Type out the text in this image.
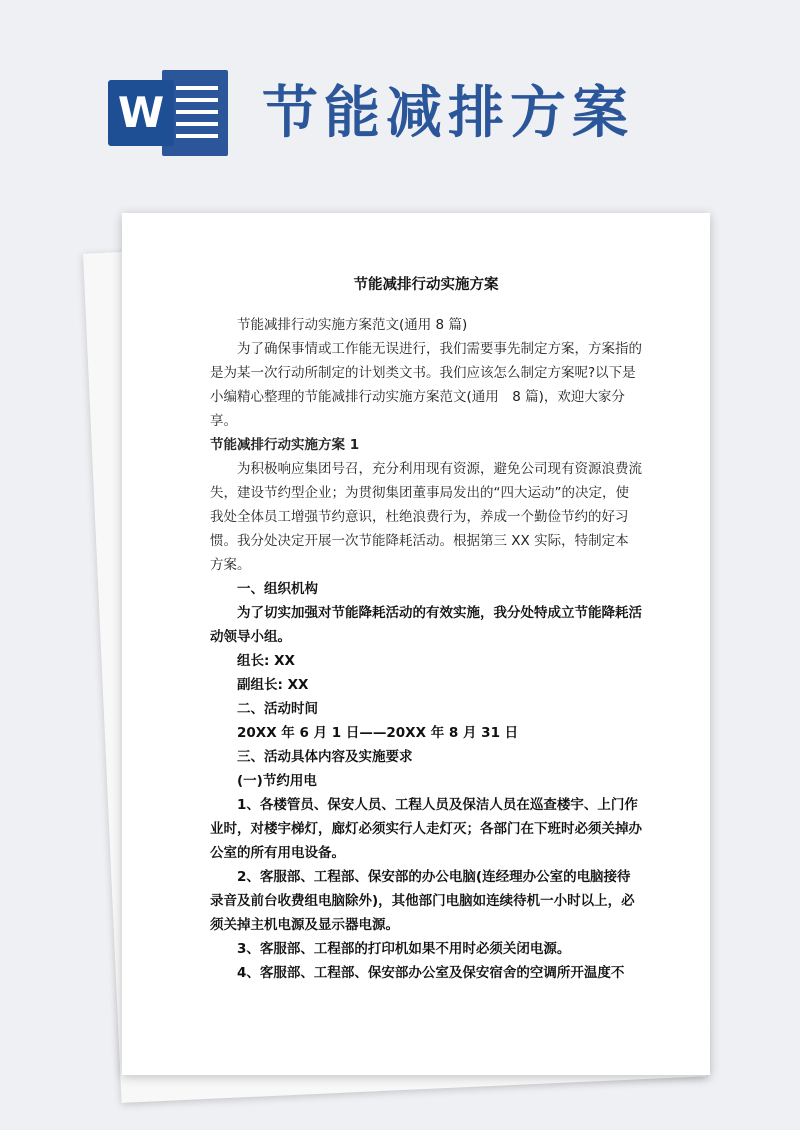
W 节能减排方案

节能减排行动实施方案

节能减排行动实施方案范文(通用 8 篇)

为了确保事情或工作能无误进行，我们需要事先制定方案，方案指的是为某一次行动所制定的计划类文书。我们应该怎么制定方案呢?以下是小编精心整理的节能减排行动实施方案范文(通用　8 篇)，欢迎大家分享。

节能减排行动实施方案 1

为积极响应集团号召，充分利用现有资源，避免公司现有资源浪费流失，建设节约型企业；为贯彻集团董事局发出的“四大运动”的决定，使我处全体员工增强节约意识，杜绝浪费行为，养成一个勤俭节约的好习惯。我分处决定开展一次节能降耗活动。根据第三 XX 实际，特制定本方案。

一、组织机构

为了切实加强对节能降耗活动的有效实施，我分处特成立节能降耗活动领导小组。

组长: XX

副组长: XX

二、活动时间

20XX 年 6 月 1 日——20XX 年 8 月 31 日

三、活动具体内容及实施要求

(一)节约用电

1、各楼管员、保安人员、工程人员及保洁人员在巡查楼宇、上门作业时，对楼宇梯灯，廊灯必须实行人走灯灭；各部门在下班时必须关掉办公室的所有用电设备。

2、客服部、工程部、保安部的办公电脑(连经理办公室的电脑接待录音及前台收费组电脑除外)，其他部门电脑如连续待机一小时以上，必须关掉主机电源及显示器电源。

3、客服部、工程部的打印机如果不用时必须关闭电源。

4、客服部、工程部、保安部办公室及保安宿舍的空调所开温度不
